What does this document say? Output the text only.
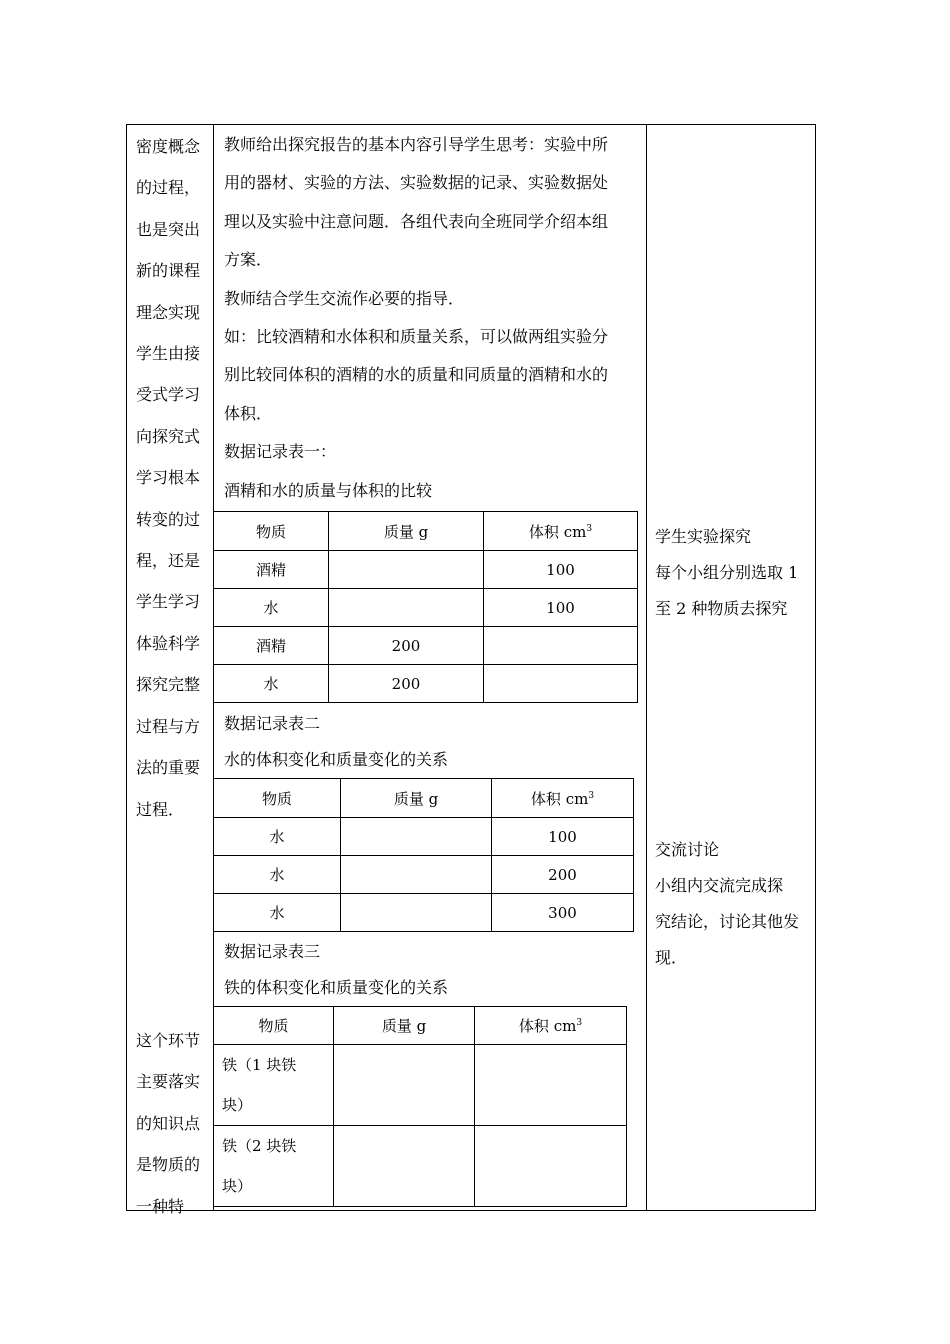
密度概念
的过程，
也是突出
新的课程
理念实现
学生由接
受式学习
向探究式
学习根本
转变的过
程，还是
学生学习
体验科学
探究完整
过程与方
法的重要
过程．
这个环节
主要落实
的知识点
是物质的
一种特

教师给出探究报告的基本内容引导学生思考：实验中所

用的器材、实验的方法、实验数据的记录、实验数据处

理以及实验中注意问题．各组代表向全班同学介绍本组

方案．

教师结合学生交流作必要的指导．

如：比较酒精和水体积和质量关系，可以做两组实验分

别比较同体积的酒精的水的质量和同质量的酒精和水的

体积．

数据记录表一：

酒精和水的质量与体积的比较

物质	质量 g	体积 $cm^3$
酒精		100
水		100
酒精	200	
水	200	
数据记录表二
水的体积变化和质量变化的关系
物质	质量 g	体积 $cm^3$
水		100
水		200
水		300
数据记录表三
铁的体积变化和质量变化的关系
物质	质量 g	体积 $cm^3$

铁（1 块铁
块）		

铁（2 块铁
块）		

学生实验探究
每个小组分别选取 1
至 2 种物质去探究
交流讨论
小组内交流完成探
究结论，讨论其他发
现．
